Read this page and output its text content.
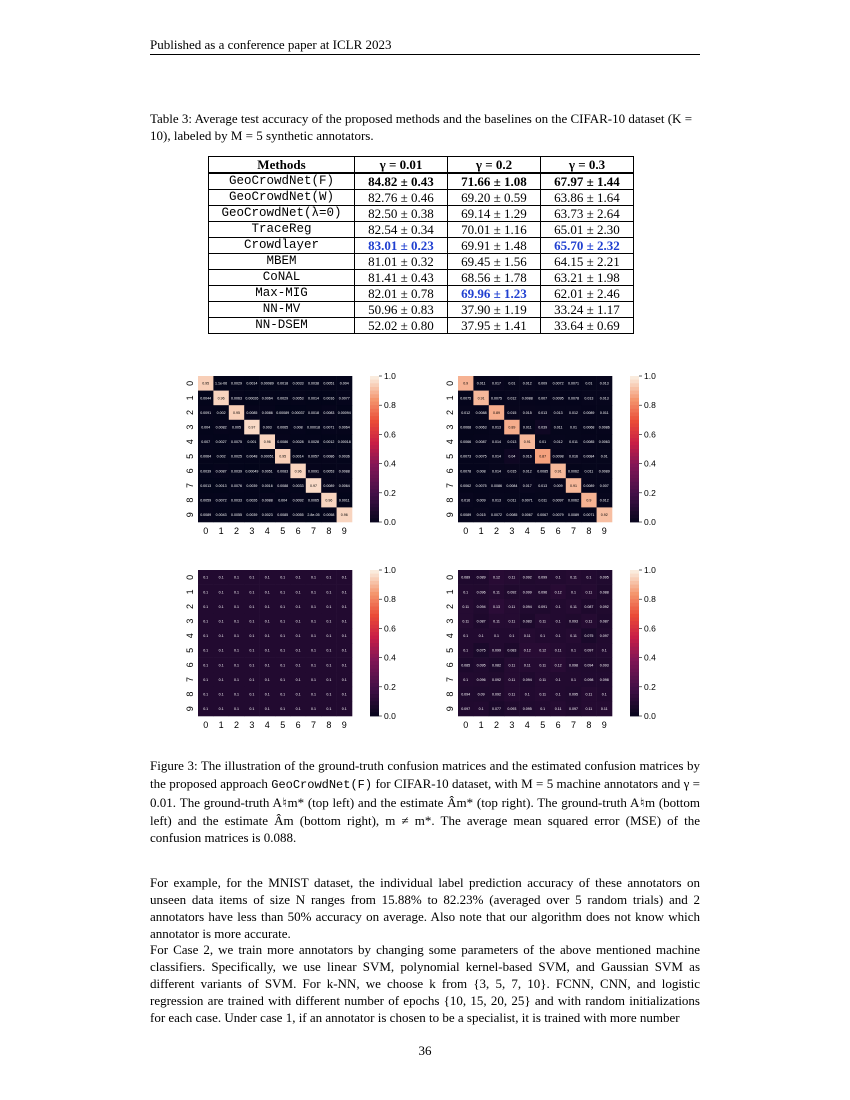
Published as a conference paper at ICLR 2023
Table 3: Average test accuracy of the proposed methods and the baselines on the CIFAR-10 dataset (K = 10), labeled by M = 5 synthetic annotators.
Methods	γ = 0.01	γ = 0.2	γ = 0.3
GeoCrowdNet(F)	84.82 ± 0.43	71.66 ± 1.08	67.97 ± 1.44
GeoCrowdNet(W)	82.76 ± 0.46	69.20 ± 0.59	63.86 ± 1.64
GeoCrowdNet(λ=0)	82.50 ± 0.38	69.14 ± 1.29	63.73 ± 2.64
TraceReg	82.54 ± 0.34	70.01 ± 1.16	65.01 ± 2.30
Crowdlayer	83.01 ± 0.23	69.91 ± 1.48	65.70 ± 2.32
MBEM	81.01 ± 0.32	69.45 ± 1.56	64.15 ± 2.21
CoNAL	81.41 ± 0.43	68.56 ± 1.78	63.21 ± 1.98
Max-MIG	82.01 ± 0.78	69.96 ± 1.23	62.01 ± 2.46
NN-MV	50.96 ± 0.83	37.90 ± 1.19	33.24 ± 1.17
NN-DSEM	52.02 ± 0.80	37.95 ± 1.41	33.64 ± 0.69
0.95 1.1e-06 0.0029 0.0014 0.00089 0.0018 0.0033 0.0038 0.0051 0.004
0.0044 0.96 0.0063 0.00026 0.0064 0.0029 0.0053 0.0014 0.0016 0.0077
0.0091 0.002 0.95 0.0085 0.0086 0.00089 0.00037 0.0018 0.0083 0.00094
0.004 0.0082 0.005 0.97 0.003 0.0065 0.008 0.00018 0.0071 0.0064
0.007 0.0027 0.0075 0.001 0.96 0.0086 0.0028 0.0028 0.0012 0.00018
0.0064 0.002 0.0025 0.0048 0.00051 0.95 0.0014 0.0057 0.0086 0.0036
0.0039 0.0087 0.0039 0.00049 0.0051 0.0083 0.96 0.0091 0.0053 0.0088
0.0013 0.0013 0.0076 0.0039 0.0016 0.0088 0.0033 0.97 0.0089 0.0064
0.0059 0.0072 0.0033 0.0026 0.0088 0.004 0.0092 0.0065 0.96 0.0011
0.0089 0.0043 0.0055 0.0039 0.0023 0.0085 0.0055 2.8e-05 0.0058 0.96
0
0
1
1
2
2
3
3
4
4
5
5
6
6
7
7
8
8
9
9
0.0
0.2
0.4
0.6
0.8
1.0
0.9 0.011 0.017 0.01 0.012 0.009 0.0072 0.0071 0.01 0.013
0.0075 0.91 0.0075 0.012 0.0088 0.007 0.0095 0.0078 0.013 0.013
0.012 0.0088 0.89 0.015 0.015 0.013 0.013 0.012 0.0089 0.011
0.0068 0.0063 0.013 0.89 0.011 0.039 0.011 0.01 0.0068 0.0086
0.0066 0.0087 0.014 0.013 0.91 0.01 0.012 0.011 0.0085 0.0063
0.0073 0.0075 0.014 0.04 0.016 0.87 0.0098 0.016 0.0084 0.01
0.0078 0.008 0.014 0.015 0.012 0.0085 0.91 0.0062 0.011 0.0089
0.0062 0.0075 0.0086 0.0084 0.017 0.013 0.009 0.91 0.0089 0.007
0.016 0.009 0.013 0.011 0.0071 0.011 0.0097 0.0062 0.9 0.012
0.0089 0.015 0.0072 0.0085 0.0067 0.0067 0.0079 0.0089 0.0071 0.92
0
0
1
1
2
2
3
3
4
4
5
5
6
6
7
7
8
8
9
9
0.0
0.2
0.4
0.6
0.8
1.0
0.1	0.1	0.1	0.1	0.1	0.1	0.1	0.1	0.1	0.1
0.1	0.1	0.1	0.1	0.1	0.1	0.1	0.1	0.1	0.1
0.1	0.1	0.1	0.1	0.1	0.1	0.1	0.1	0.1	0.1
0.1	0.1	0.1	0.1	0.1	0.1	0.1	0.1	0.1	0.1
0.1	0.1	0.1	0.1	0.1	0.1	0.1	0.1	0.1	0.1
0.1	0.1	0.1	0.1	0.1	0.1	0.1	0.1	0.1	0.1
0.1	0.1	0.1	0.1	0.1	0.1	0.1	0.1	0.1	0.1
0.1	0.1	0.1	0.1	0.1	0.1	0.1	0.1	0.1	0.1
0.1	0.1	0.1	0.1	0.1	0.1	0.1	0.1	0.1	0.1
0.1	0.1	0.1	0.1	0.1	0.1	0.1	0.1	0.1	0.1
0
0
1
1
2
2
3
3
4
4
5
5
6
6
7
7
8
8
9
9
0.0
0.2
0.4
0.6
0.8
1.0
0.089 0.089 0.12 0.11 0.092 0.099 0.1	0.11	0.1 0.095
0.1 0.096 0.11 0.092 0.099 0.096 0.12	0.1	0.11 0.088
0.11 0.094 0.13 0.11 0.094 0.091 0.1	0.11 0.087 0.092
0.11 0.087 0.11 0.11 0.083 0.11	0.1 0.093 0.11 0.087
0.1	0.1	0.1	0.1	0.11	0.1	0.1	0.11 0.075 0.097
0.1 0.075 0.099 0.083 0.12 0.12 0.11	0.1 0.097 0.1
0.085 0.095 0.082 0.11 0.11 0.11 0.12 0.098 0.094 0.093
0.1 0.096 0.092 0.11 0.094 0.11	0.1	0.1 0.098 0.098
0.094 0.09 0.092 0.11	0.1	0.11	0.1 0.095 0.11	0.1
0.097 0.1 0.077 0.093 0.095 0.1	0.11 0.097 0.11 0.11
0
0
1
1
2
2
3
3
4
4
5
5
6
6
7
7
8
8
9
9
0.0
0.2
0.4
0.6
0.8
1.0
Figure 3: The illustration of the ground-truth confusion matrices and the estimated confusion matrices by the proposed approach GeoCrowdNet(F) for CIFAR-10 dataset, with M = 5 machine annotators and γ = 0.01. The ground-truth A♮m* (top left) and the estimate Âm* (top right). The ground-truth A♮m (bottom left) and the estimate Âm (bottom right), m ≠ m*. The average mean squared error (MSE) of the confusion matrices is 0.088.
For example, for the MNIST dataset, the individual label prediction accuracy of these annotators on unseen data items of size N ranges from 15.88% to 82.23% (averaged over 5 random trials) and 2 annotators have less than 50% accuracy on average. Also note that our algorithm does not know which annotator is more accurate.
For Case 2, we train more annotators by changing some parameters of the above mentioned machine classifiers. Specifically, we use linear SVM, polynomial kernel-based SVM, and Gaussian SVM as different variants of SVM. For k-NN, we choose k from {3, 5, 7, 10}. FCNN, CNN, and logistic regression are trained with different number of epochs {10, 15, 20, 25} and with random initializations for each case. Under case 1, if an annotator is chosen to be a specialist, it is trained with more number
36
